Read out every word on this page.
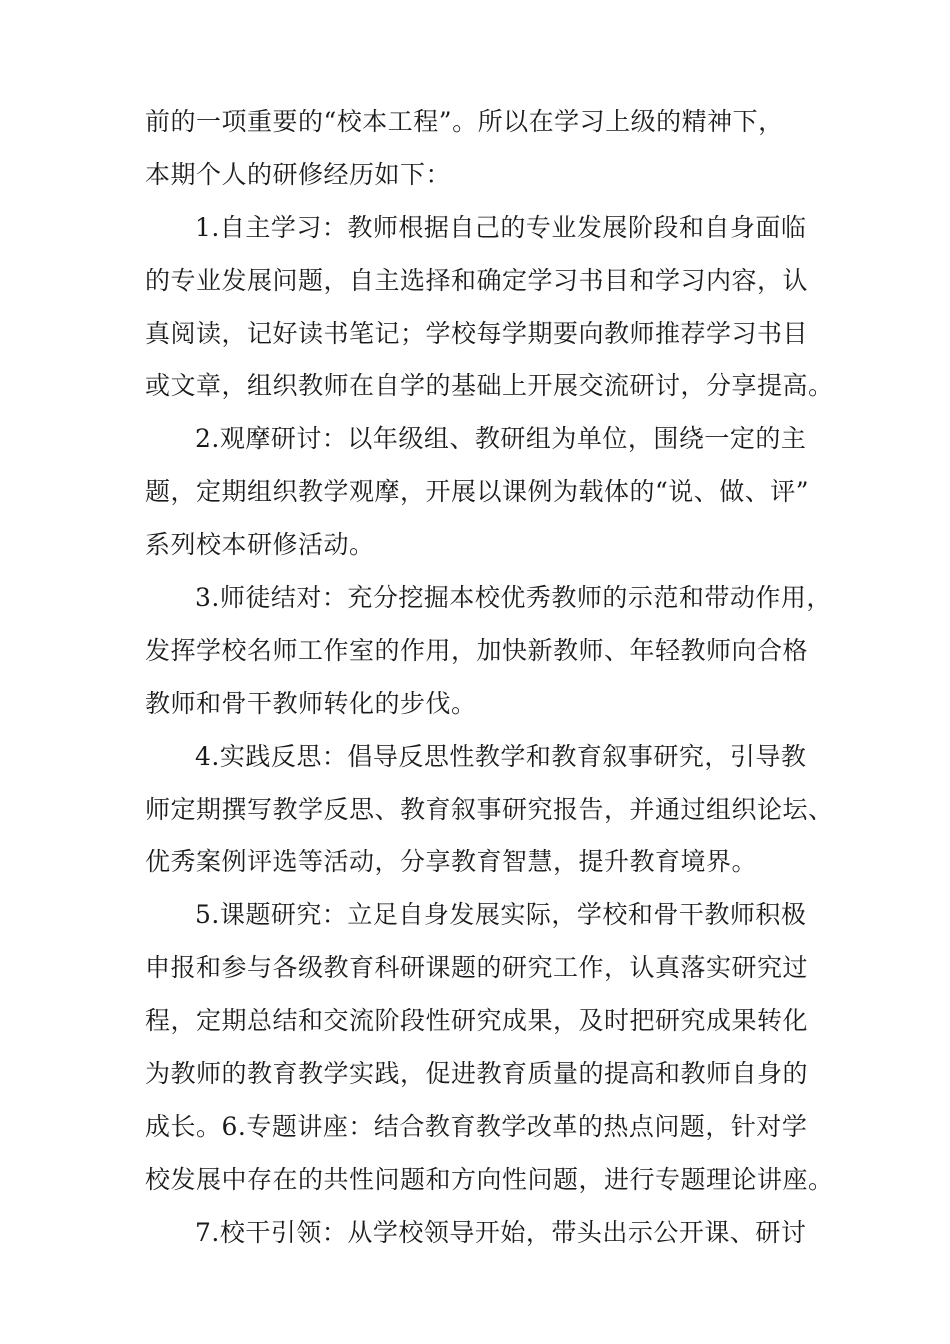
前的一项重要的“校本工程”。所以在学习上级的精神下，
本期个人的研修经历如下：
1.自主学习：教师根据自己的专业发展阶段和自身面临
的专业发展问题，自主选择和确定学习书目和学习内容，认
真阅读，记好读书笔记；学校每学期要向教师推荐学习书目
或文章，组织教师在自学的基础上开展交流研讨，分享提高。
2.观摩研讨：以年级组、教研组为单位，围绕一定的主
题，定期组织教学观摩，开展以课例为载体的“说、做、评”
系列校本研修活动。
3.师徒结对：充分挖掘本校优秀教师的示范和带动作用，
发挥学校名师工作室的作用，加快新教师、年轻教师向合格
教师和骨干教师转化的步伐。
4.实践反思：倡导反思性教学和教育叙事研究，引导教
师定期撰写教学反思、教育叙事研究报告，并通过组织论坛、
优秀案例评选等活动，分享教育智慧，提升教育境界。
5.课题研究：立足自身发展实际，学校和骨干教师积极
申报和参与各级教育科研课题的研究工作，认真落实研究过
程，定期总结和交流阶段性研究成果，及时把研究成果转化
为教师的教育教学实践，促进教育质量的提高和教师自身的
成长。6.专题讲座：结合教育教学改革的热点问题，针对学
校发展中存在的共性问题和方向性问题，进行专题理论讲座。
7.校干引领：从学校领导开始，带头出示公开课、研讨
